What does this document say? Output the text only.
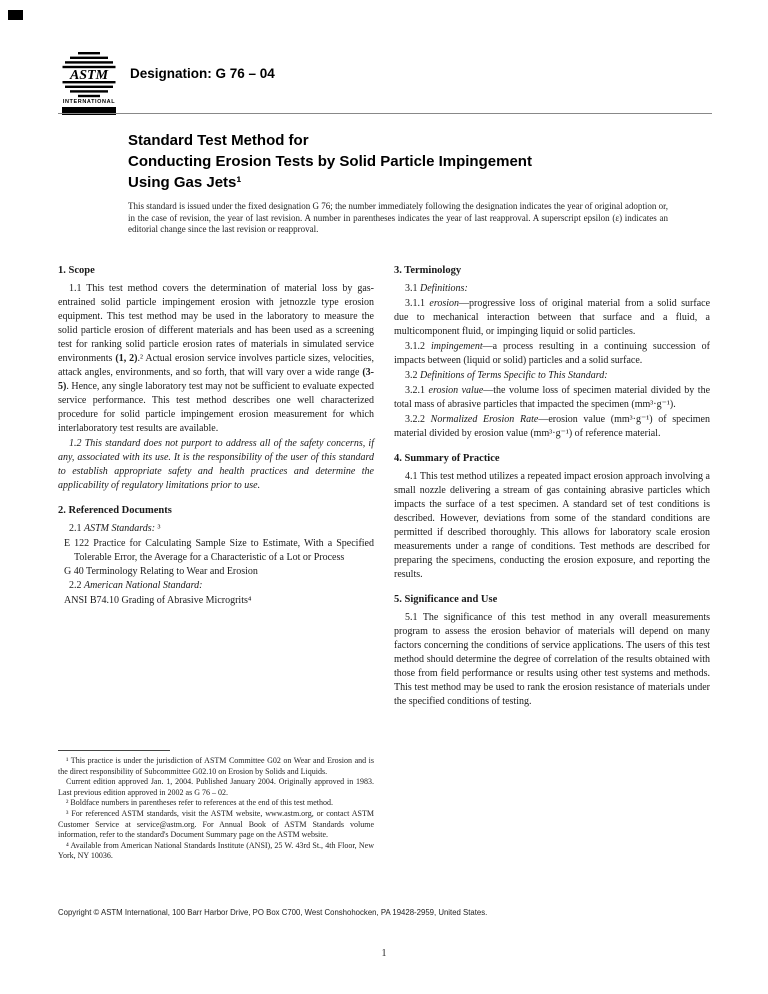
ASTM
INTERNATIONAL
Designation: G 76 – 04
Standard Test Method for
Conducting Erosion Tests by Solid Particle Impingement
Using Gas Jets¹

This standard is issued under the fixed designation G 76; the number immediately following the designation indicates the year of original adoption or, in the case of revision, the year of last revision. A number in parentheses indicates the year of last reapproval. A superscript epsilon (ε) indicates an editorial change since the last revision or reapproval.

1. Scope

1.1 This test method covers the determination of material loss by gas-entrained solid particle impingement erosion with jetnozzle type erosion equipment. This test method may be used in the laboratory to measure the solid particle erosion of different materials and has been used as a screening test for ranking solid particle erosion rates of materials in simulated service environments (1, 2).² Actual erosion service involves particle sizes, velocities, attack angles, environments, and so forth, that will vary over a wide range (3-5). Hence, any single laboratory test may not be sufficient to evaluate expected service performance. This test method describes one well characterized procedure for solid particle impingement erosion measurement for which interlaboratory test results are available.

1.2 This standard does not purport to address all of the safety concerns, if any, associated with its use. It is the responsibility of the user of this standard to establish appropriate safety and health practices and determine the applicability of regulatory limitations prior to use.

2. Referenced Documents

2.1 ASTM Standards: ³

E 122 Practice for Calculating Sample Size to Estimate, With a Specified Tolerable Error, the Average for a Characteristic of a Lot or Process
G 40 Terminology Relating to Wear and Erosion

2.2 American National Standard:

ANSI B74.10 Grading of Abrasive Microgrits⁴

¹ This practice is under the jurisdiction of ASTM Committee G02 on Wear and Erosion and is the direct responsibility of Subcommittee G02.10 on Erosion by Solids and Liquids.

Current edition approved Jan. 1, 2004. Published January 2004. Originally approved in 1983. Last previous edition approved in 2002 as G 76 – 02.

² Boldface numbers in parentheses refer to references at the end of this test method.

³ For referenced ASTM standards, visit the ASTM website, www.astm.org, or contact ASTM Customer Service at service@astm.org. For Annual Book of ASTM Standards volume information, refer to the standard's Document Summary page on the ASTM website.

⁴ Available from American National Standards Institute (ANSI), 25 W. 43rd St., 4th Floor, New York, NY 10036.

3. Terminology

3.1 Definitions:

3.1.1 erosion—progressive loss of original material from a solid surface due to mechanical interaction between that surface and a fluid, a multicomponent fluid, or impinging liquid or solid particles.

3.1.2 impingement—a process resulting in a continuing succession of impacts between (liquid or solid) particles and a solid surface.

3.2 Definitions of Terms Specific to This Standard:

3.2.1 erosion value—the volume loss of specimen material divided by the total mass of abrasive particles that impacted the specimen (mm³·g⁻¹).

3.2.2 Normalized Erosion Rate—erosion value (mm³·g⁻¹) of specimen material divided by erosion value (mm³·g⁻¹) of reference material.

4. Summary of Practice

4.1 This test method utilizes a repeated impact erosion approach involving a small nozzle delivering a stream of gas containing abrasive particles which impacts the surface of a test specimen. A standard set of test conditions is described. However, deviations from some of the standard conditions are permitted if described thoroughly. This allows for laboratory scale erosion measurements under a range of conditions. Test methods are described for preparing the specimens, conducting the erosion exposure, and reporting the results.

5. Significance and Use

5.1 The significance of this test method in any overall measurements program to assess the erosion behavior of materials will depend on many factors concerning the conditions of service applications. The users of this test method should determine the degree of correlation of the results obtained with those from field performance or results using other test systems and methods. This test method may be used to rank the erosion resistance of materials under the specified conditions of testing.

Copyright © ASTM International, 100 Barr Harbor Drive, PO Box C700, West Conshohocken, PA 19428-2959, United States.
1
